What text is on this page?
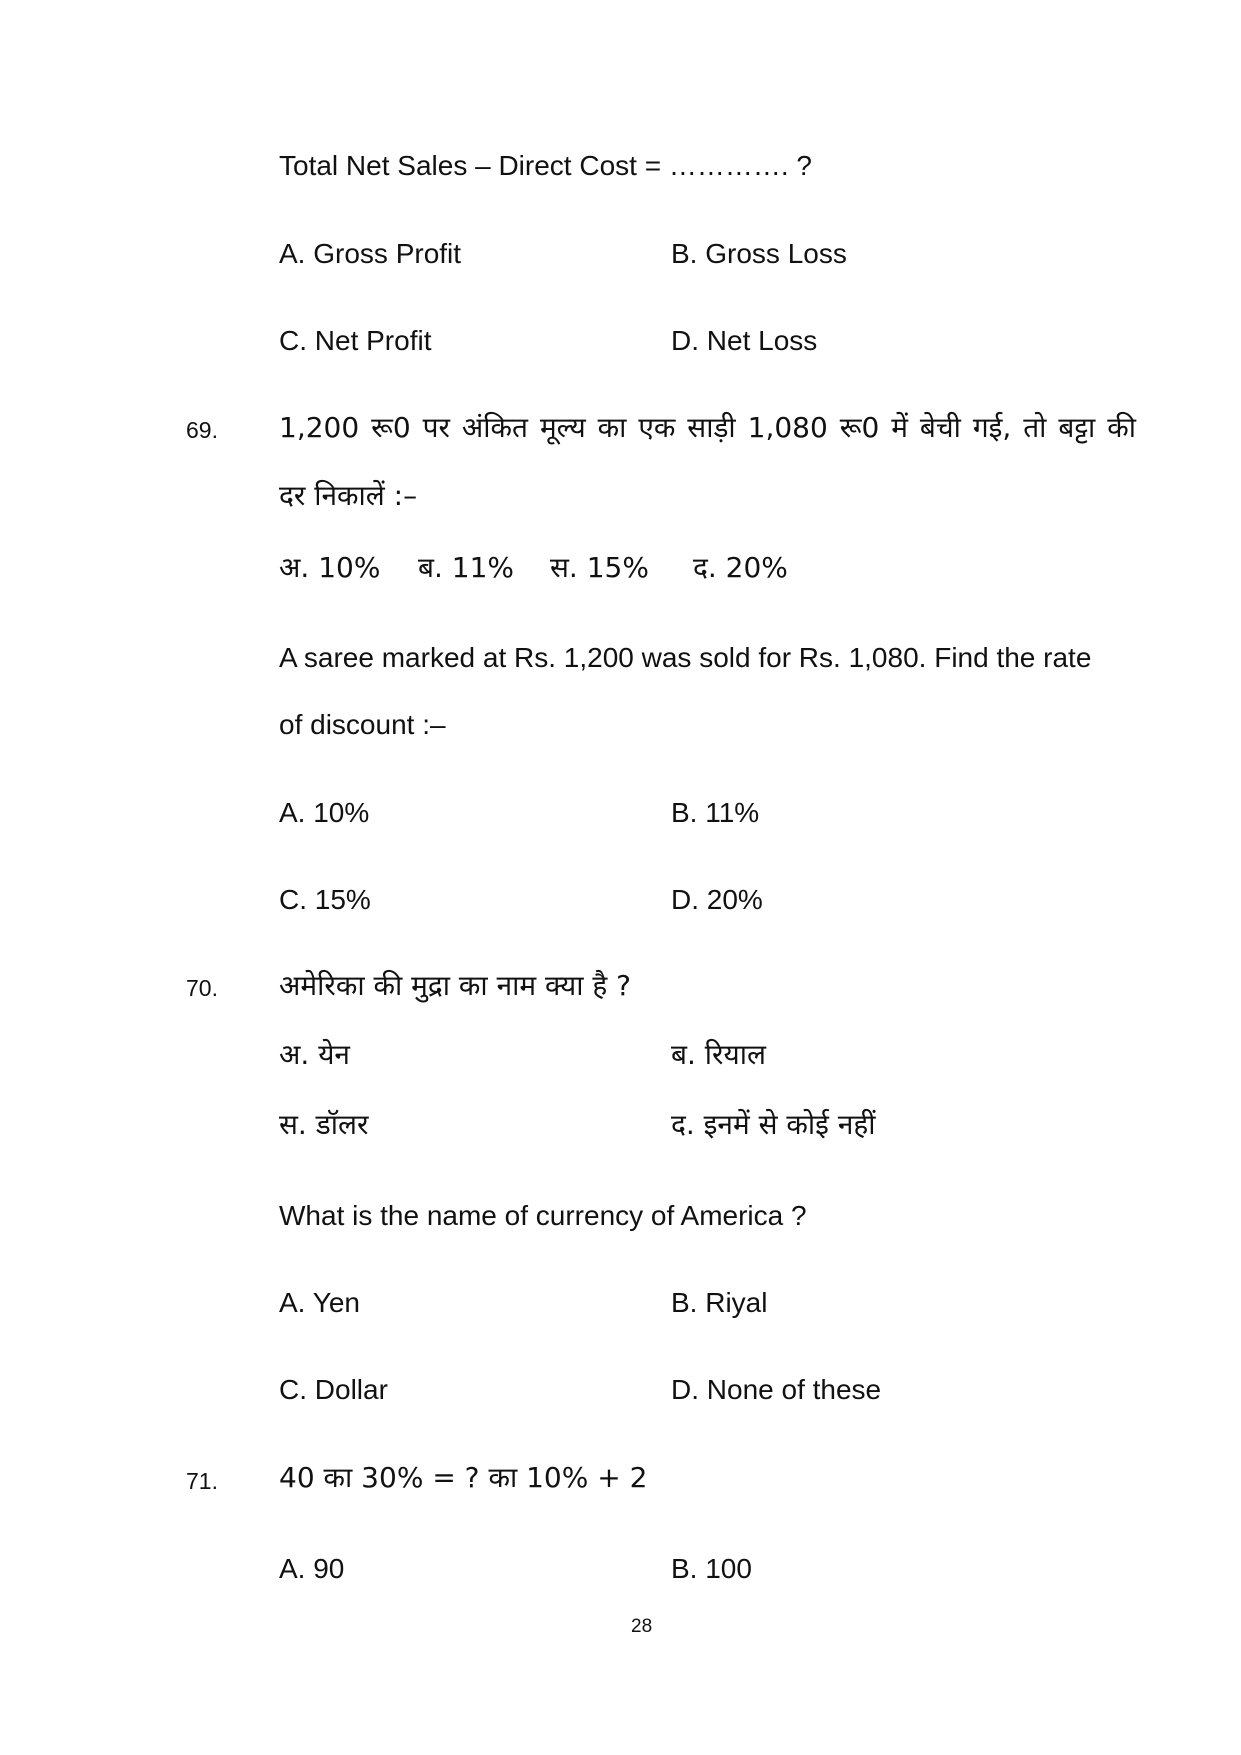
Total Net Sales – Direct Cost = …………. ?
A. Gross Profit	B. Gross Loss
C. Net Profit	D. Net Loss
69. 1,200 रू0 पर अंकित मूल्य का एक साड़ी 1,080 रू0 में बेची गई, तो बट्टा की
दर निकालें :–
अ. 10% ब. 11% स. 15% द. 20%
A saree marked at Rs. 1,200 was sold for Rs. 1,080. Find the rate
of discount :–
A. 10%	B. 11%
C. 15%	D. 20%
70. अमेरिका की मुद्रा का नाम क्या है ?
अ. येन	ब. रियाल
स. डॉलर	द. इनमें से कोई नहीं
What is the name of currency of America ?
A. Yen	B. Riyal
C. Dollar	D. None of these
71. 40 का 30% = ? का 10% + 2
A. 90	B. 100
28
